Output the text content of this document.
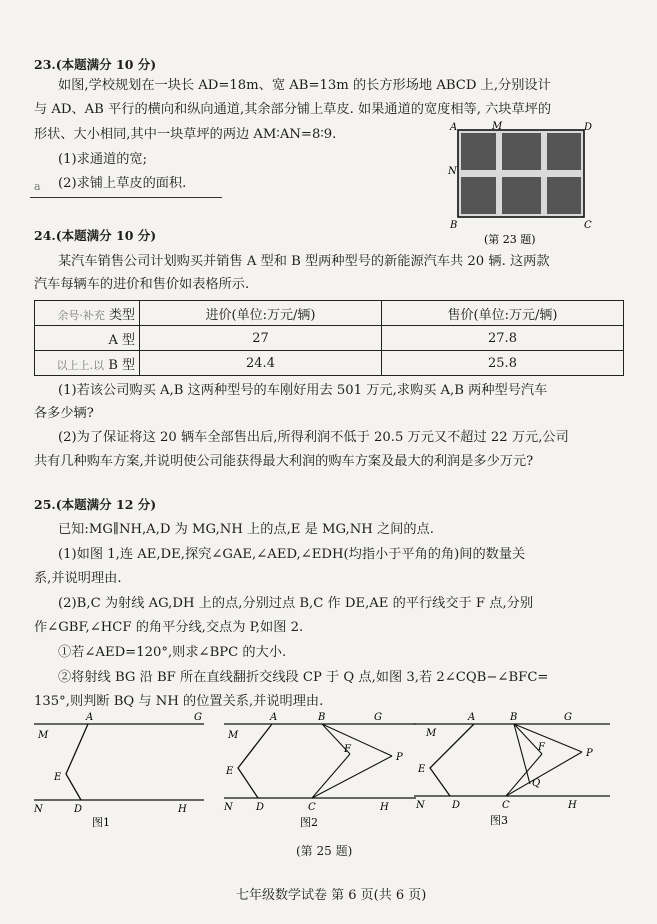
23.(本题满分 10 分)
如图,学校规划在一块长 AD=18m、宽 AB=13m 的长方形场地 ABCD 上,分别设计
与 AD、AB 平行的横向和纵向通道,其余部分铺上草皮. 如果通道的宽度相等, 六块草坪的
形状、大小相同,其中一块草坪的两边 AM∶AN=8∶9.
(1)求通道的宽;
a (2)求铺上草皮的面积.
A	M	D
N
B	C
(第 23 题)
24.(本题满分 10 分)
某汽车销售公司计划购买并销售 A 型和 B 型两种型号的新能源汽车共 20 辆. 这两款
汽车每辆车的进价和售价如表格所示.
余号·补充 类型	进价(单位:万元/辆)	售价(单位:万元/辆)
A 型	27	27.8
以上上.以 B 型	24.4	25.8
(1)若该公司购买 A,B 这两种型号的车刚好用去 501 万元,求购买 A,B 两种型号汽车
各多少辆?
(2)为了保证将这 20 辆车全部售出后,所得利润不低于 20.5 万元又不超过 22 万元,公司
共有几种购车方案,并说明使公司能获得最大利润的购车方案及最大的利润是多少万元?
25.(本题满分 12 分)
已知:MG∥NH,A,D 为 MG,NH 上的点,E 是 MG,NH 之间的点.
(1)如图 1,连 AE,DE,探究∠GAE,∠AED,∠EDH(均指小于平角的角)间的数量关
系,并说明理由.
(2)B,C 为射线 AG,DH 上的点,分别过点 B,C 作 DE,AE 的平行线交于 F 点,分别
作∠GBF,∠HCF 的角平分线,交点为 P,如图 2.
①若∠AED=120°,则求∠BPC 的大小.
②将射线 BG 沿 BF 所在直线翻折交线段 CP 于 Q 点,如图 3,若 2∠CQB−∠BFC=
135°,则判断 BQ 与 NH 的位置关系,并说明理由.
A	G
M
E
N	D	H
图1
A	B	G
M
E
F
P
N D	C	H
图2
A	B	G
M
E
F
P
Q
N	D	C	H
图3
(第 25 题)
七年级数学试卷 第 6 页(共 6 页)
